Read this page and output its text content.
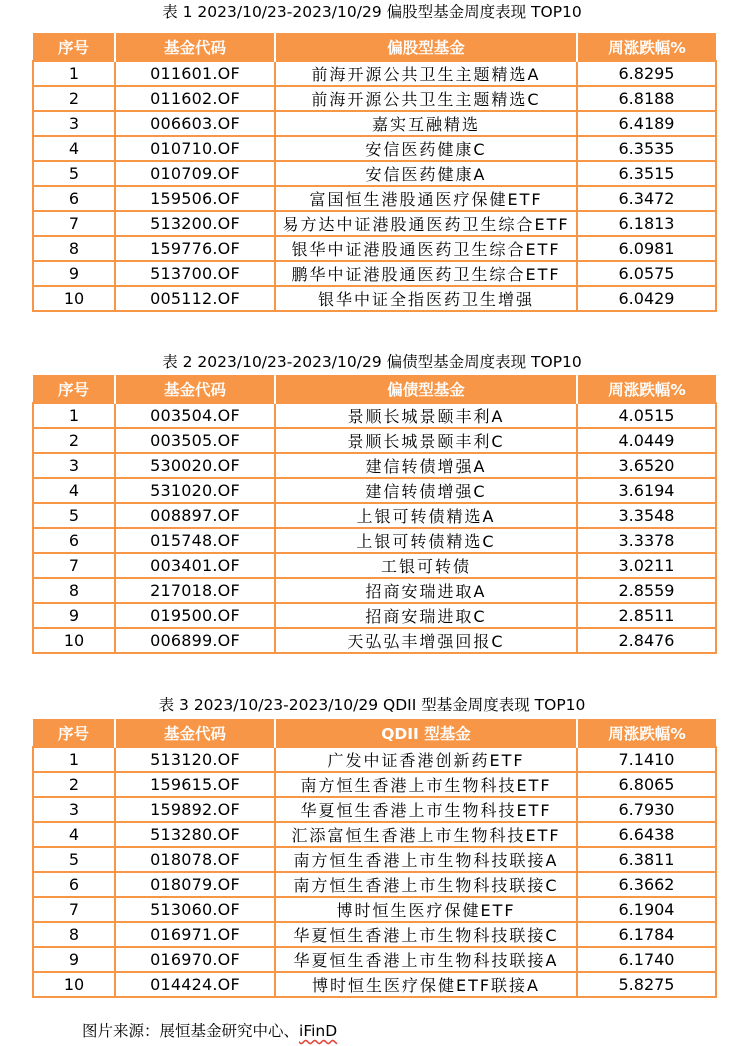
表 1 2023/10/23-2023/10/29 偏股型基金周度表现 TOP10
序号	基金代码	偏股型基金	周涨跌幅%
1	011601.OF	前海开源公共卫生主题精选A	6.8295
2	011602.OF	前海开源公共卫生主题精选C	6.8188
3	006603.OF	嘉实互融精选	6.4189
4	010710.OF	安信医药健康C	6.3535
5	010709.OF	安信医药健康A	6.3515
6	159506.OF	富国恒生港股通医疗保健ETF	6.3472
7	513200.OF	易方达中证港股通医药卫生综合ETF	6.1813
8	159776.OF	银华中证港股通医药卫生综合ETF	6.0981
9	513700.OF	鹏华中证港股通医药卫生综合ETF	6.0575
10	005112.OF	银华中证全指医药卫生增强	6.0429
表 2 2023/10/23-2023/10/29 偏债型基金周度表现 TOP10
序号	基金代码	偏债型基金	周涨跌幅%
1	003504.OF	景顺长城景颐丰利A	4.0515
2	003505.OF	景顺长城景颐丰利C	4.0449
3	530020.OF	建信转债增强A	3.6520
4	531020.OF	建信转债增强C	3.6194
5	008897.OF	上银可转债精选A	3.3548
6	015748.OF	上银可转债精选C	3.3378
7	003401.OF	工银可转债	3.0211
8	217018.OF	招商安瑞进取A	2.8559
9	019500.OF	招商安瑞进取C	2.8511
10	006899.OF	天弘弘丰增强回报C	2.8476
表 3 2023/10/23-2023/10/29 QDII 型基金周度表现 TOP10
序号	基金代码	QDII 型基金	周涨跌幅%
1	513120.OF	广发中证香港创新药ETF	7.1410
2	159615.OF	南方恒生香港上市生物科技ETF	6.8065
3	159892.OF	华夏恒生香港上市生物科技ETF	6.7930
4	513280.OF	汇添富恒生香港上市生物科技ETF	6.6438
5	018078.OF	南方恒生香港上市生物科技联接A	6.3811
6	018079.OF	南方恒生香港上市生物科技联接C	6.3662
7	513060.OF	博时恒生医疗保健ETF	6.1904
8	016971.OF	华夏恒生香港上市生物科技联接C	6.1784
9	016970.OF	华夏恒生香港上市生物科技联接A	6.1740
10	014424.OF	博时恒生医疗保健ETF联接A	5.8275
图片来源：展恒基金研究中心、iFinD
